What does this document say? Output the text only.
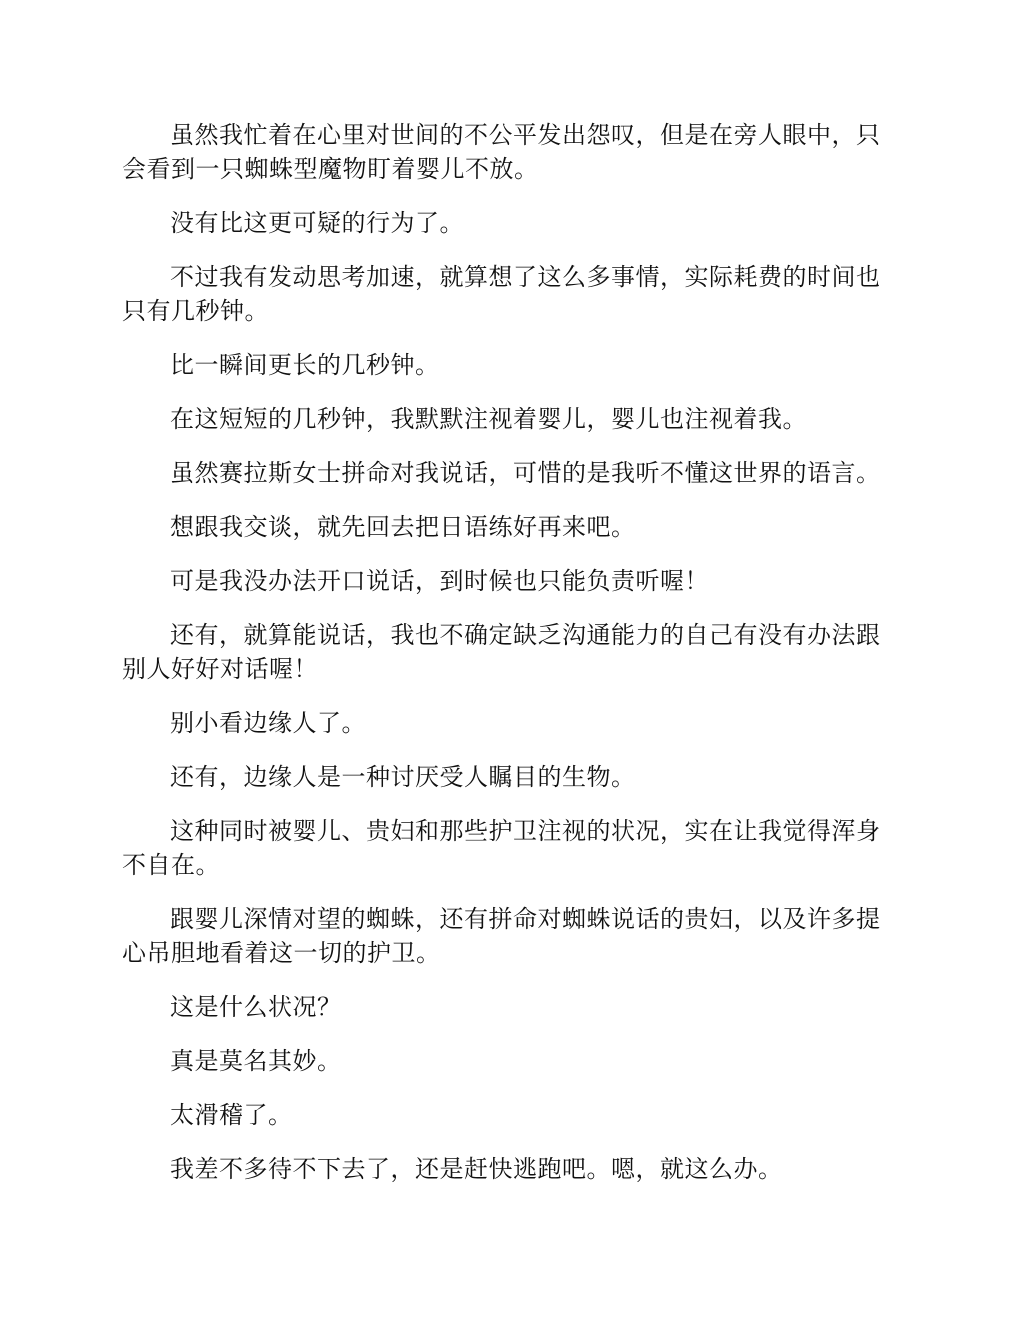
虽然我忙着在心里对世间的不公平发出怨叹，但是在旁人眼中，只会看到一只蜘蛛型魔物盯着婴儿不放。

没有比这更可疑的行为了。

不过我有发动思考加速，就算想了这么多事情，实际耗费的时间也只有几秒钟。

比一瞬间更长的几秒钟。

在这短短的几秒钟，我默默注视着婴儿，婴儿也注视着我。

虽然赛拉斯女士拼命对我说话，可惜的是我听不懂这世界的语言。

想跟我交谈，就先回去把日语练好再来吧。

可是我没办法开口说话，到时候也只能负责听喔！

还有，就算能说话，我也不确定缺乏沟通能力的自己有没有办法跟别人好好对话喔！

别小看边缘人了。

还有，边缘人是一种讨厌受人瞩目的生物。

这种同时被婴儿、贵妇和那些护卫注视的状况，实在让我觉得浑身不自在。

跟婴儿深情对望的蜘蛛，还有拼命对蜘蛛说话的贵妇，以及许多提心吊胆地看着这一切的护卫。

这是什么状况？

真是莫名其妙。

太滑稽了。

我差不多待不下去了，还是赶快逃跑吧。嗯，就这么办。
